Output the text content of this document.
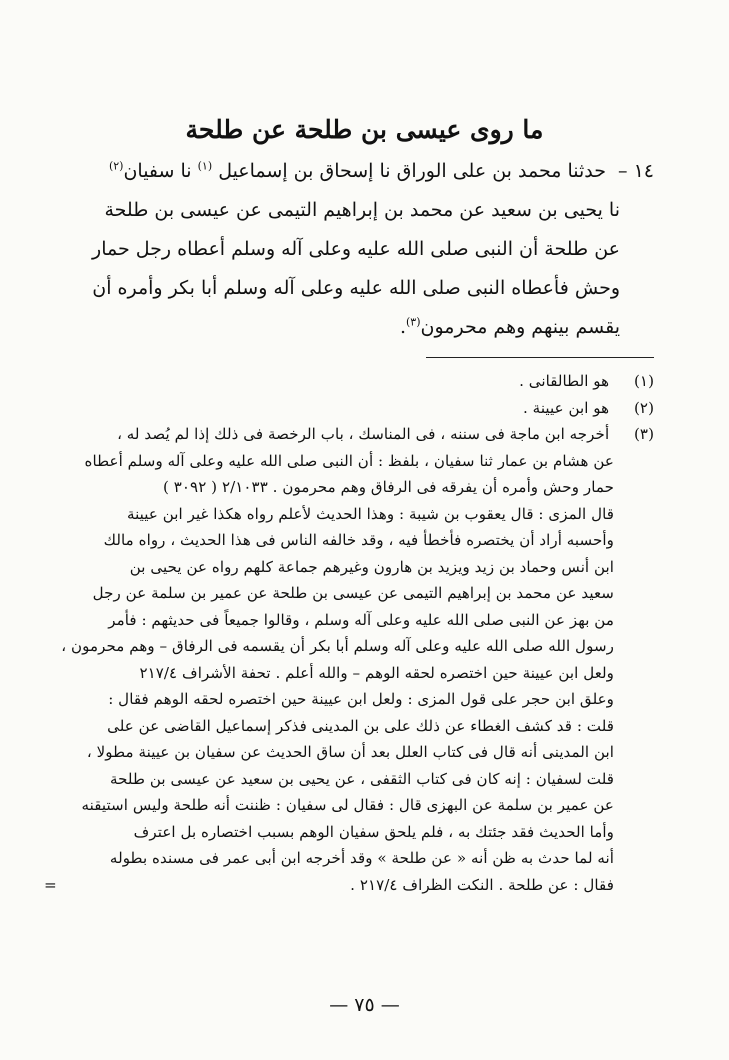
ما روى عيسى بن طلحة عن طلحة
١٤ – حدثنا محمد بن على الوراق نا إسحاق بن إسماعيل $^{(١)}$ نا سفيان$^{(٢)}$
نا يحيى بن سعيد عن محمد بن إبراهيم التيمى عن عيسى بن طلحة
عن طلحة أن النبى صلى الله عليه وعلى آله وسلم أعطاه رجل حمار
وحش فأعطاه النبى صلى الله عليه وعلى آله وسلم أبا بكر وأمره أن
يقسم بينهم وهم محرمون$^{(٣)}$.
(١) هو الطالقانى .
(٢) هو ابن عيينة .
(٣) أخرجه ابن ماجة فى سننه ، فى المناسك ، باب الرخصة فى ذلك إذا لم يُصد له ،
عن هشام بن عمار ثنا سفيان ، بلفظ : أن النبى صلى الله عليه وعلى آله وسلم أعطاه
حمار وحش وأمره أن يفرقه فى الرفاق وهم محرمون . ٢/١٠٣٣ ( ٣٠٩٢ )
قال المزى : قال يعقوب بن شيبة : وهذا الحديث لأعلم رواه هكذا غير ابن عيينة
وأحسبه أراد أن يختصره فأخطأ فيه ، وقد خالفه الناس فى هذا الحديث ، رواه مالك
ابن أنس وحماد بن زيد ويزيد بن هارون وغيرهم جماعة كلهم رواه عن يحيى بن
سعيد عن محمد بن إبراهيم التيمى عن عيسى بن طلحة عن عمير بن سلمة عن رجل
من بهز عن النبى صلى الله عليه وعلى آله وسلم ، وقالوا جميعاً فى حديثهم : فأمر
رسول الله صلى الله عليه وعلى آله وسلم أبا بكر أن يقسمه فى الرفاق – وهم محرمون ،
ولعل ابن عيينة حين اختصره لحقه الوهم – والله أعلم . تحفة الأشراف ٢١٧/٤
وعلق ابن حجر على قول المزى : ولعل ابن عيينة حين اختصره لحقه الوهم فقال :
قلت : قد كشف الغطاء عن ذلك على بن المدينى فذكر إسماعيل القاضى عن على
ابن المدينى أنه قال فى كتاب العلل بعد أن ساق الحديث عن سفيان بن عيينة مطولا ،
قلت لسفيان : إنه كان فى كتاب الثقفى ، عن يحيى بن سعيد عن عيسى بن طلحة
عن عمير بن سلمة عن البهزى قال : فقال لى سفيان : ظننت أنه طلحة وليس استيقنه
وأما الحديث فقد جئتك به ، فلم يلحق سفيان الوهم بسبب اختصاره بل اعترف
أنه لما حدث به ظن أنه « عن طلحة » وقد أخرجه ابن أبى عمر فى مسنده بطوله
فقال : عن طلحة . النكت الظراف ٢١٧/٤ .
=
— ٧٥ —
